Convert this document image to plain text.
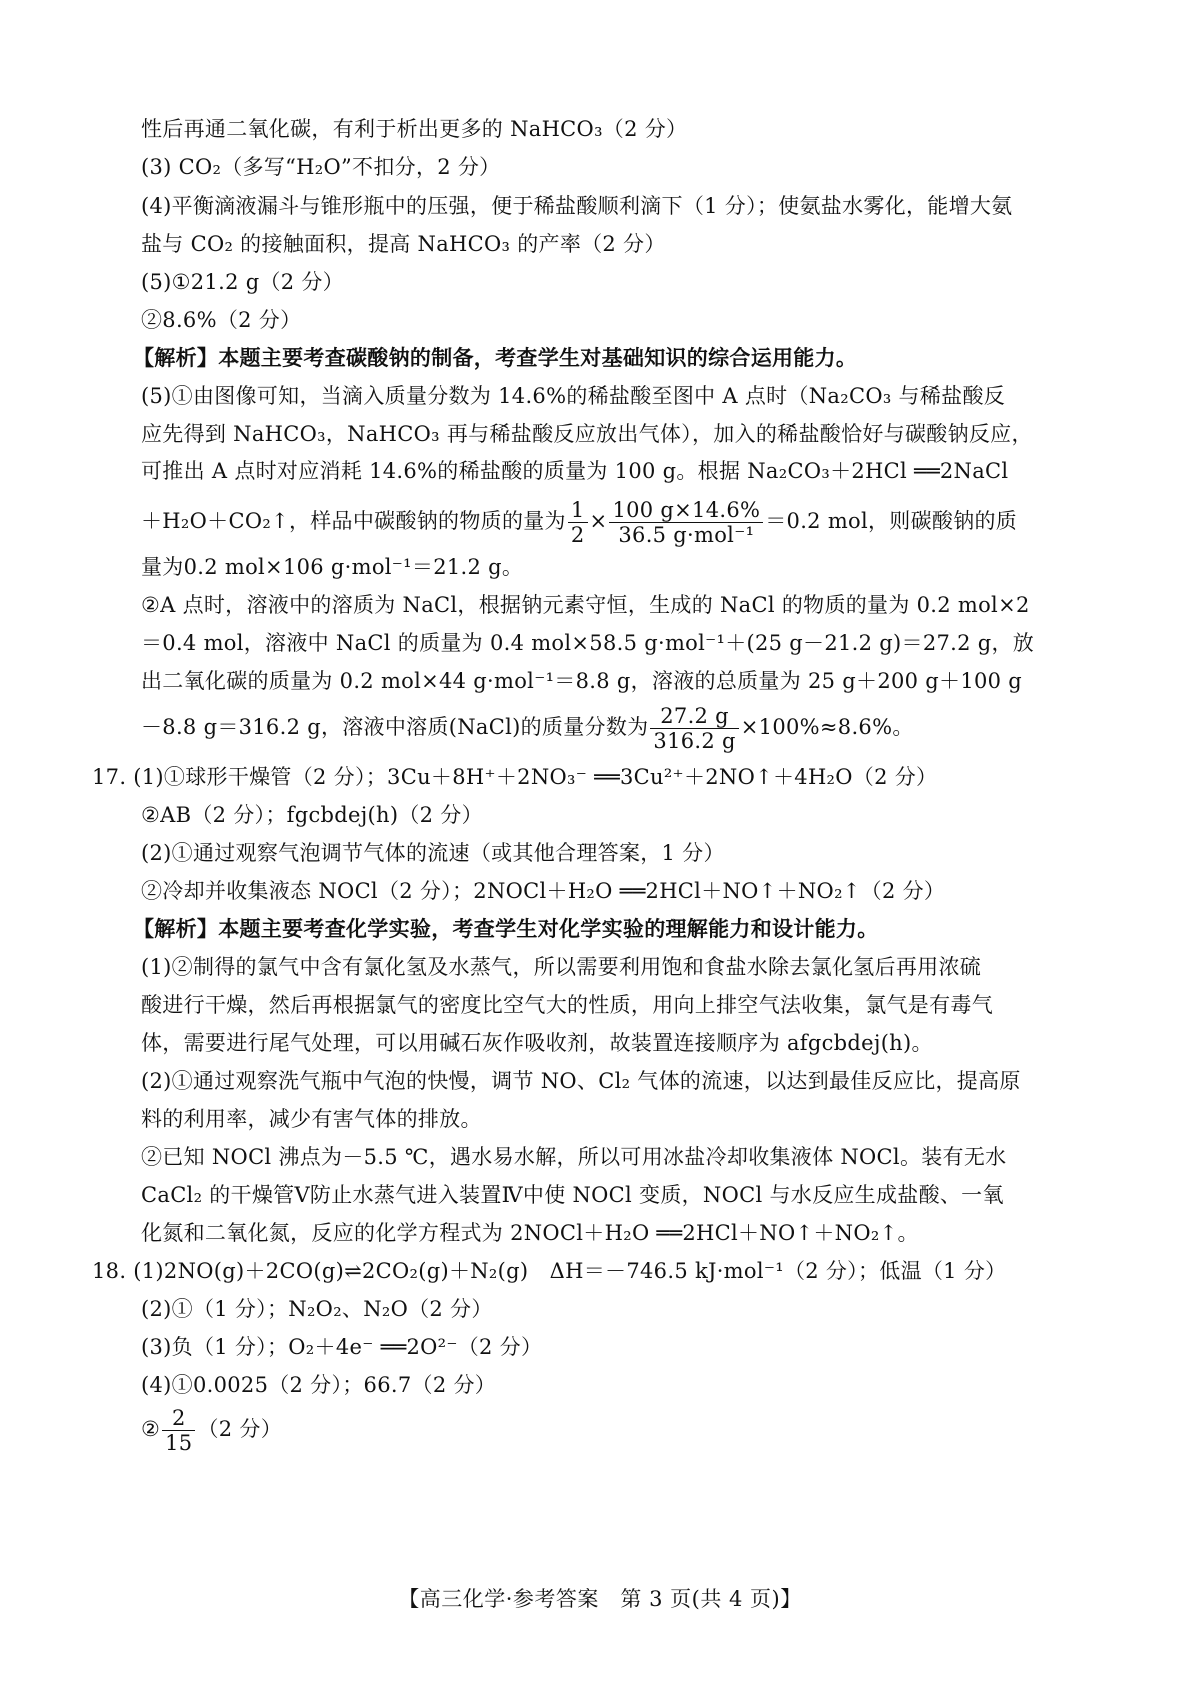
性后再通二氧化碳，有利于析出更多的 NaHCO₃（2 分）
(3) CO₂（多写“H₂O”不扣分，2 分）
(4)平衡滴液漏斗与锥形瓶中的压强，便于稀盐酸顺利滴下（1 分）；使氨盐水雾化，能增大氨
盐与 CO₂ 的接触面积，提高 NaHCO₃ 的产率（2 分）
(5)①21.2 g（2 分）
②8.6%（2 分）
【解析】本题主要考查碳酸钠的制备，考查学生对基础知识的综合运用能力。
(5)①由图像可知，当滴入质量分数为 14.6%的稀盐酸至图中 A 点时（Na₂CO₃ 与稀盐酸反
应先得到 NaHCO₃，NaHCO₃ 再与稀盐酸反应放出气体），加入的稀盐酸恰好与碳酸钠反应，
可推出 A 点时对应消耗 14.6%的稀盐酸的质量为 100 g。根据 Na₂CO₃＋2HCl ══2NaCl
＋H₂O＋CO₂↑，样品中碳酸钠的物质的量为 $\frac{1}{2} \times \frac{100 g\times 14.6\%}{\text{36.5 g·mol⁻¹}} =0.2$ mol，则碳酸钠的质
量为0.2 mol×106 g·mol⁻¹＝21.2 g。
②A 点时，溶液中的溶质为 NaCl，根据钠元素守恒，生成的 NaCl 的物质的量为 0.2 mol×2
＝0.4 mol，溶液中 NaCl 的质量为 0.4 mol×58.5 g·mol⁻¹＋(25 g－21.2 g)＝27.2 g，放
出二氧化碳的质量为 0.2 mol×44 g·mol⁻¹＝8.8 g，溶液的总质量为 25 g＋200 g＋100 g
－8.8 g＝316.2 g，溶液中溶质(NaCl)的质量分数为 $\frac{27.2 g}{316.2 g} \times 100\%\approx 8.6\%$。
17. (1)①球形干燥管（2 分）；3Cu＋8H⁺＋2NO₃⁻ ══3Cu²⁺＋2NO↑＋4H₂O（2 分）
②AB（2 分）；fgcbdej(h)（2 分）
(2)①通过观察气泡调节气体的流速（或其他合理答案，1 分）
②冷却并收集液态 NOCl（2 分）；2NOCl＋H₂O ══2HCl＋NO↑＋NO₂↑（2 分）
【解析】本题主要考查化学实验，考查学生对化学实验的理解能力和设计能力。
(1)②制得的氯气中含有氯化氢及水蒸气，所以需要利用饱和食盐水除去氯化氢后再用浓硫
酸进行干燥，然后再根据氯气的密度比空气大的性质，用向上排空气法收集，氯气是有毒气
体，需要进行尾气处理，可以用碱石灰作吸收剂，故装置连接顺序为 afgcbdej(h)。
(2)①通过观察洗气瓶中气泡的快慢，调节 NO、Cl₂ 气体的流速，以达到最佳反应比，提高原
料的利用率，减少有害气体的排放。
②已知 NOCl 沸点为－5.5 ℃，遇水易水解，所以可用冰盐冷却收集液体 NOCl。装有无水
CaCl₂ 的干燥管Ⅴ防止水蒸气进入装置Ⅳ中使 NOCl 变质，NOCl 与水反应生成盐酸、一氧
化氮和二氧化氮，反应的化学方程式为 2NOCl＋H₂O ══2HCl＋NO↑＋NO₂↑。
18. (1)2NO(g)＋2CO(g)⇌2CO₂(g)＋N₂(g)　ΔH＝－746.5 kJ·mol⁻¹（2 分）；低温（1 分）
(2)①（1 分）；N₂O₂、N₂O（2 分）
(3)负（1 分）；O₂＋4e⁻ ══2O²⁻（2 分）
(4)①0.0025（2 分）；66.7（2 分）
② $\frac{2}{15} (2$ 分）
【高三化学·参考答案　第 3 页(共 4 页)】
